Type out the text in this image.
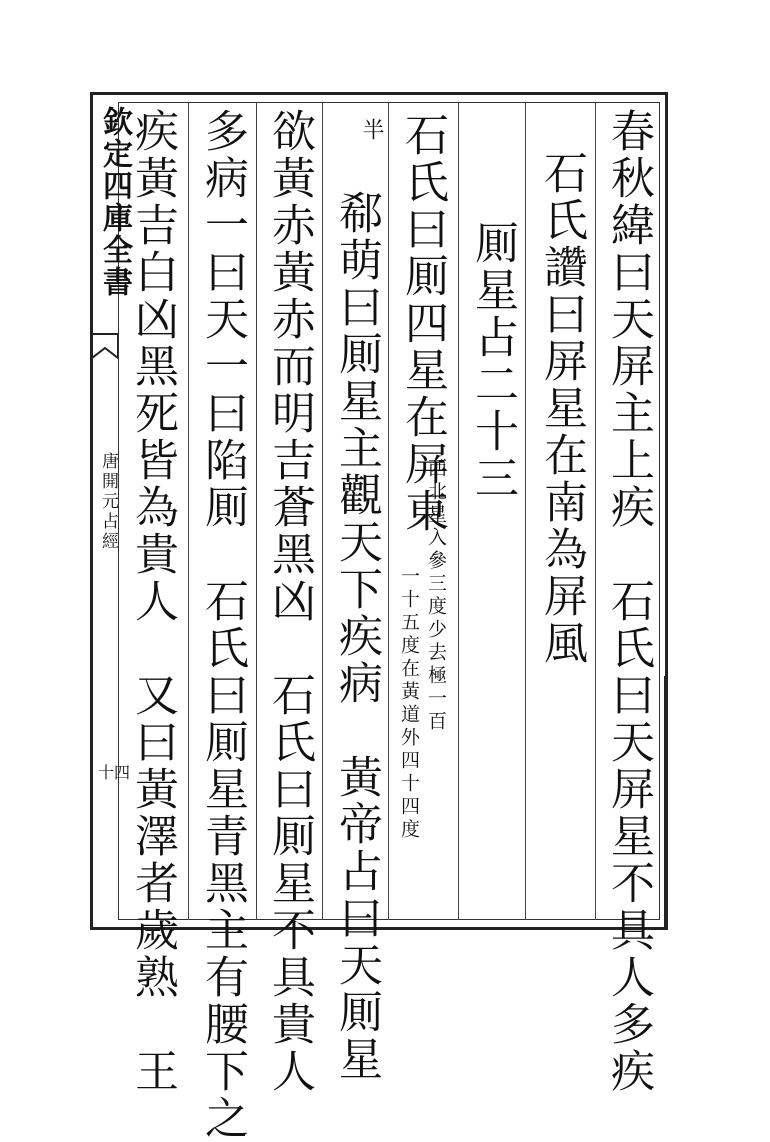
欽定四庫全書
唐開元占經
十四	春秋緯曰天屏主上疾　石氏曰天屏星不具人多疾
石氏讚曰屏星在南為屏風
厠星占二十三
石氏曰厠四星在屏東
西北星入參三度少去極一百
一十五度在黃道外四十四度
半
郗萌曰厠星主觀天下疾病　黃帝占曰天厠星
欲黃赤黃赤而明吉蒼黑凶　石氏曰厠星不具貴人
多病一曰天一曰陷厠　石氏曰厠星青黑主有腰下之
疾黃吉白凶黑死皆為貴人　又曰黃澤者歲熟　王
